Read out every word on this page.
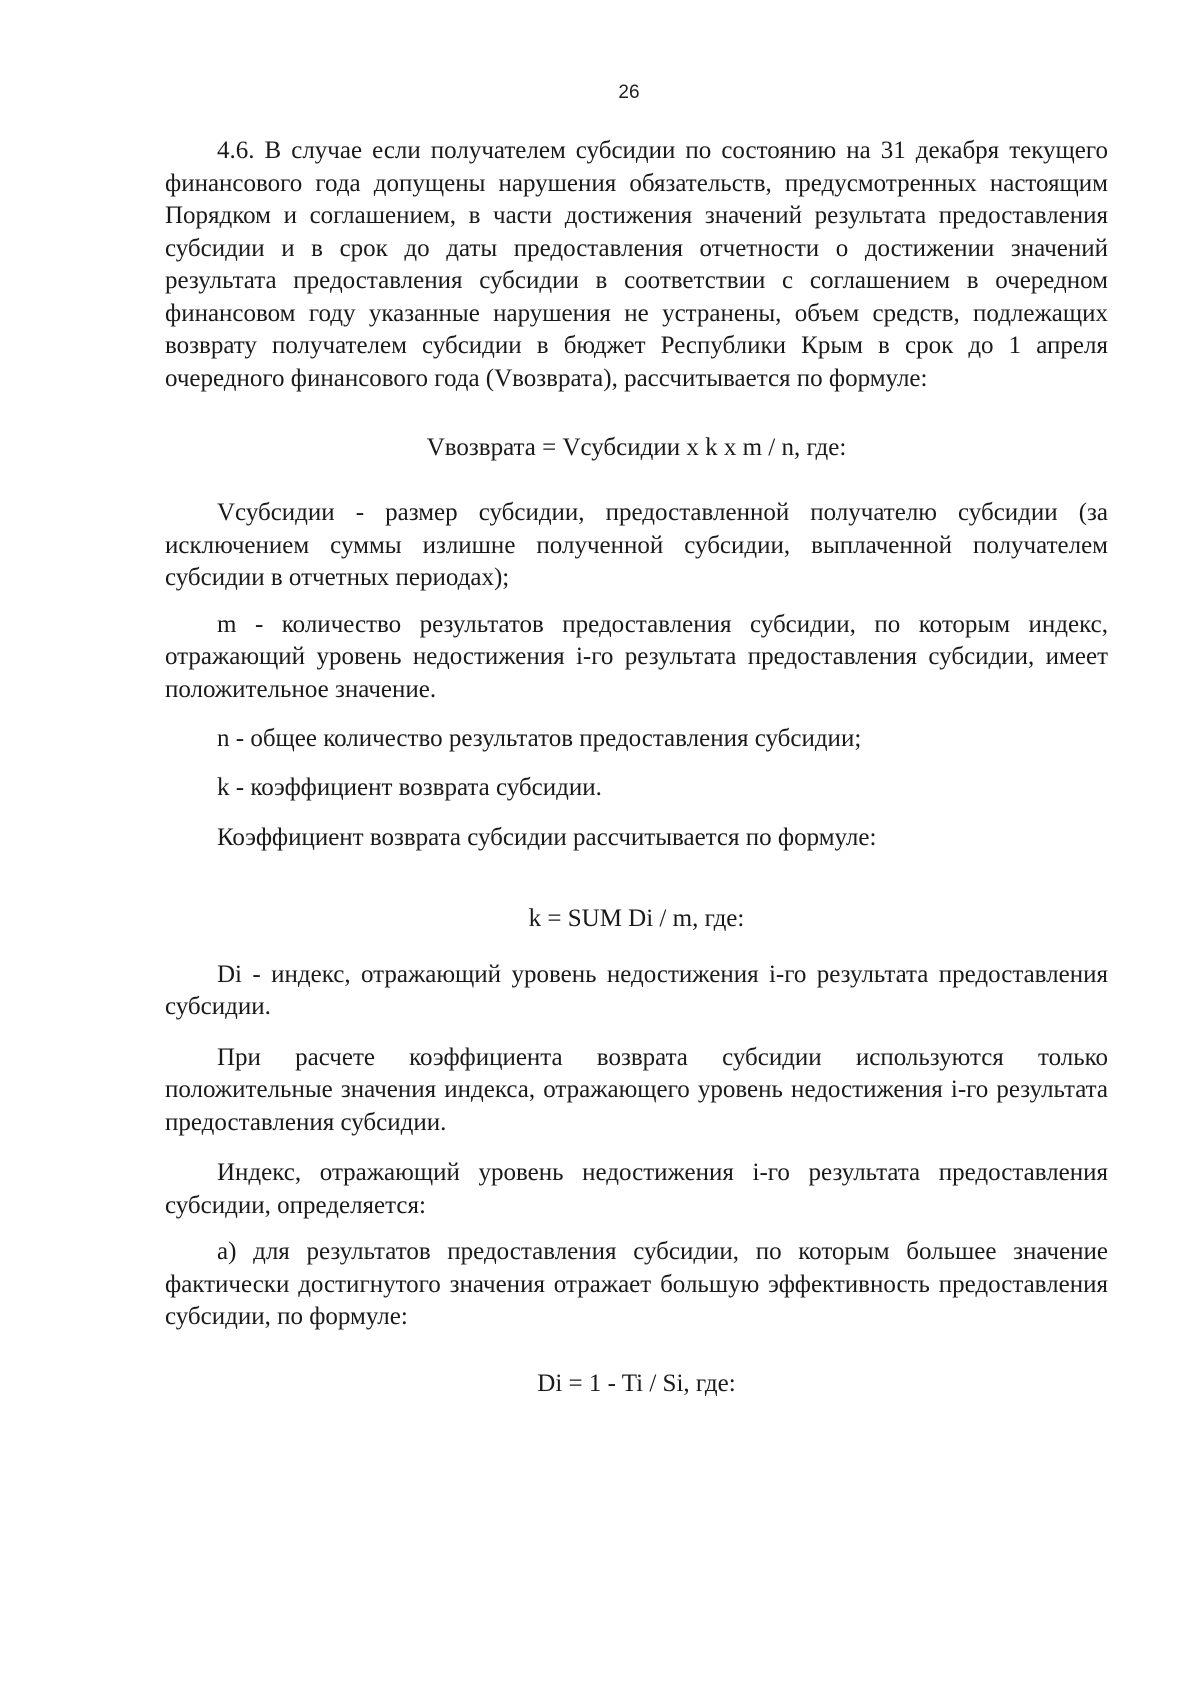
26

4.6. В случае если получателем субсидии по состоянию на 31 декабря текущего финансового года допущены нарушения обязательств, предусмотренных настоящим Порядком и соглашением, в части достижения значений результата предоставления субсидии и в срок до даты предоставления отчетности о достижении значений результата предоставления субсидии в соответствии с соглашением в очередном финансовом году указанные нарушения не устранены, объем средств, подлежащих возврату получателем субсидии в бюджет Республики Крым в срок до 1 апреля очередного финансового года (Vвозврата), рассчитывается по формуле:

Vвозврата = Vсубсидии x k x m / n, где:

Vсубсидии - размер субсидии, предоставленной получателю субсидии (за исключением суммы излишне полученной субсидии, выплаченной получателем субсидии в отчетных периодах);

m - количество результатов предоставления субсидии, по которым индекс, отражающий уровень недостижения i-го результата предоставления субсидии, имеет положительное значение.

n - общее количество результатов предоставления субсидии;

k - коэффициент возврата субсидии.

Коэффициент возврата субсидии рассчитывается по формуле:

k = SUM Di / m, где:

Di - индекс, отражающий уровень недостижения i-го результата предоставления субсидии.

При расчете коэффициента возврата субсидии используются только положительные значения индекса, отражающего уровень недостижения i-го результата предоставления субсидии.

Индекс, отражающий уровень недостижения i-го результата предоставления субсидии, определяется:

а) для результатов предоставления субсидии, по которым большее значение фактически достигнутого значения отражает большую эффективность предоставления субсидии, по формуле:

Di = 1 - Ti / Si, где:
